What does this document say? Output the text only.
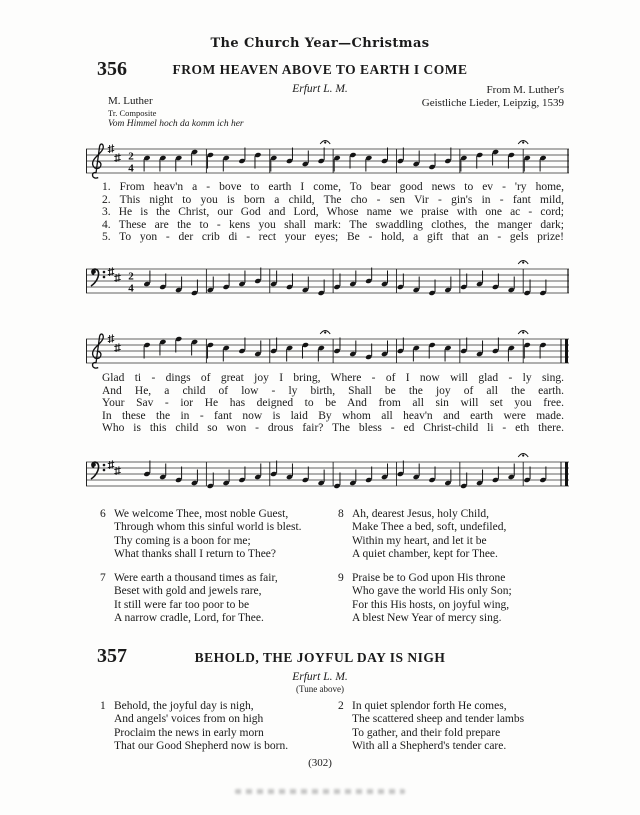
The Church Year—Christmas
356	FROM HEAVEN ABOVE TO EARTH I COME
Erfurt L. M.	From M. Luther's
Geistliche Lieder, Leipzig, 1539
M. Luther
Tr. Composite
Vom Himmel hoch da komm ich her
2
4
1. From heav'n a - bove to earth I come, To bear good news to ev - 'ry home,
2. This night to you is born a child, The cho - sen Vir - gin's in - fant mild,
3. He is the Christ, our God and Lord, Whose name we praise with one ac - cord;
4. These are the to - kens you shall mark: The swaddling clothes, the manger dark;
5. To yon - der crib di - rect your eyes; Be - hold, a gift that an - gels prize!
2
4
Glad ti - dings of great joy I bring, Where - of I now will glad - ly sing.
And He, a child of low - ly birth, Shall be the joy of all the earth.
Your Sav - ior He has deigned to be And from all sin will set you free.
In these the in - fant now is laid By whom all heav'n and earth were made.
Who is this child so won - drous fair? The bless - ed Christ-child li - eth there.
6 We welcome Thee, most noble Guest,
Through whom this sinful world is blest.
Thy coming is a boon for me;
What thanks shall I return to Thee?
7 Were earth a thousand times as fair,
Beset with gold and jewels rare,
It still were far too poor to be
A narrow cradle, Lord, for Thee.
8 Ah, dearest Jesus, holy Child,
Make Thee a bed, soft, undefiled,
Within my heart, and let it be
A quiet chamber, kept for Thee.
9 Praise be to God upon His throne
Who gave the world His only Son;
For this His hosts, on joyful wing,
A blest New Year of mercy sing.
357	BEHOLD, THE JOYFUL DAY IS NIGH
Erfurt L. M.
(Tune above)
1 Behold, the joyful day is nigh,
And angels' voices from on high
Proclaim the news in early morn
That our Good Shepherd now is born.
2 In quiet splendor forth He comes,
The scattered sheep and tender lambs
To gather, and their fold prepare
With all a Shepherd's tender care.
(302)
